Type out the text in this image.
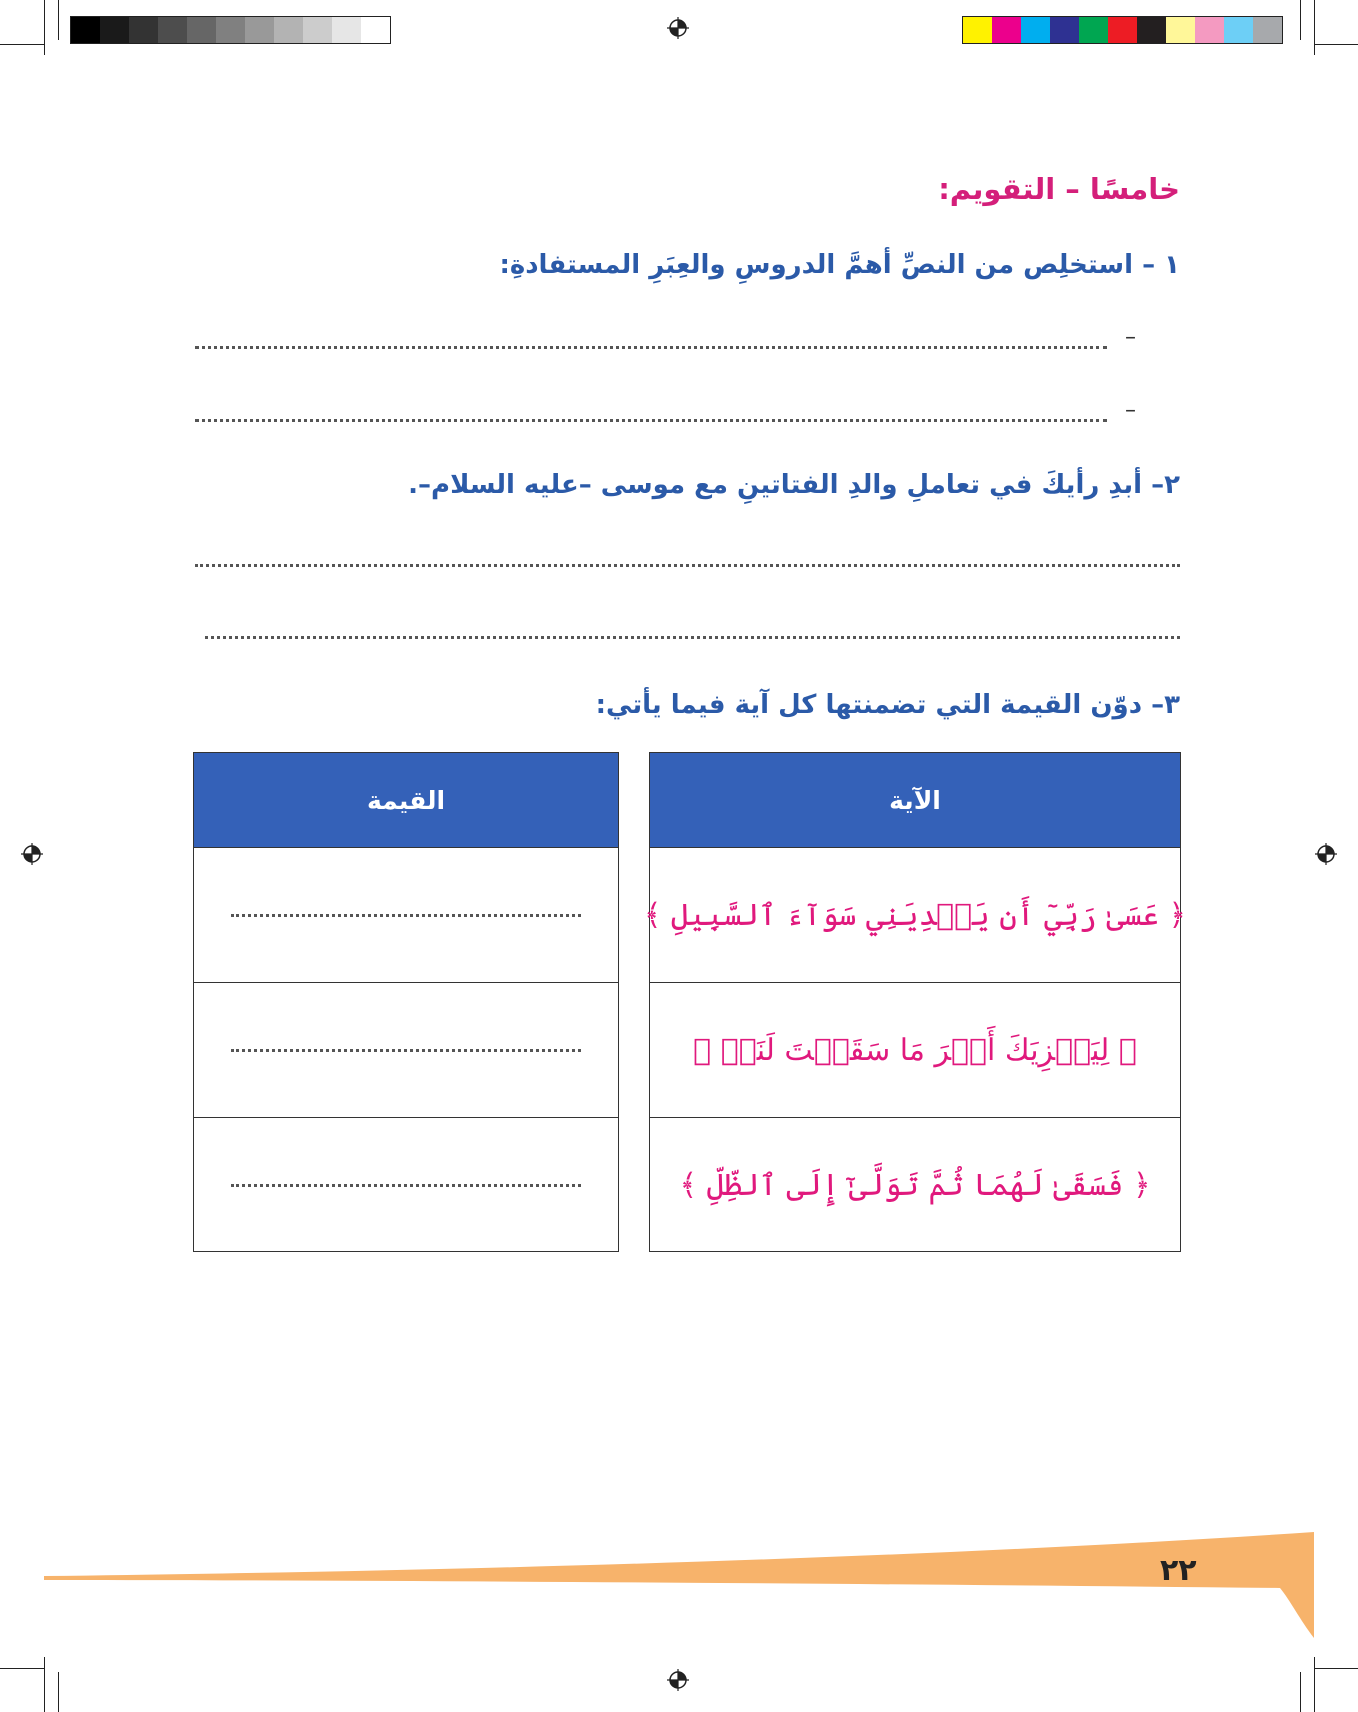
خامسًا – التقويم:
١ – استخلِص من النصِّ أهمَّ الدروسِ والعِبَرِ المستفادةِ:
–
–
٢– أبدِ رأيكَ في تعاملِ والدِ الفتاتينِ مع موسى –عليه السلام–.
٣– دوّن القيمة التي تضمنتها كل آية فيما يأتي:
الآية
﴿ عَسَىٰ رَبِّيٓ أَن يَهۡدِيَنِي سَوَآءَ ٱلسَّبِيلِ ﴾
﴿ لِيَجۡزِيَكَ أَجۡرَ مَا سَقَيۡتَ لَنَاۚ ﴾
﴿ فَسَقَىٰ لَهُمَا ثُمَّ تَوَلَّىٰٓ إِلَى ٱلظِّلِّ ﴾
القيمة
٢٢
